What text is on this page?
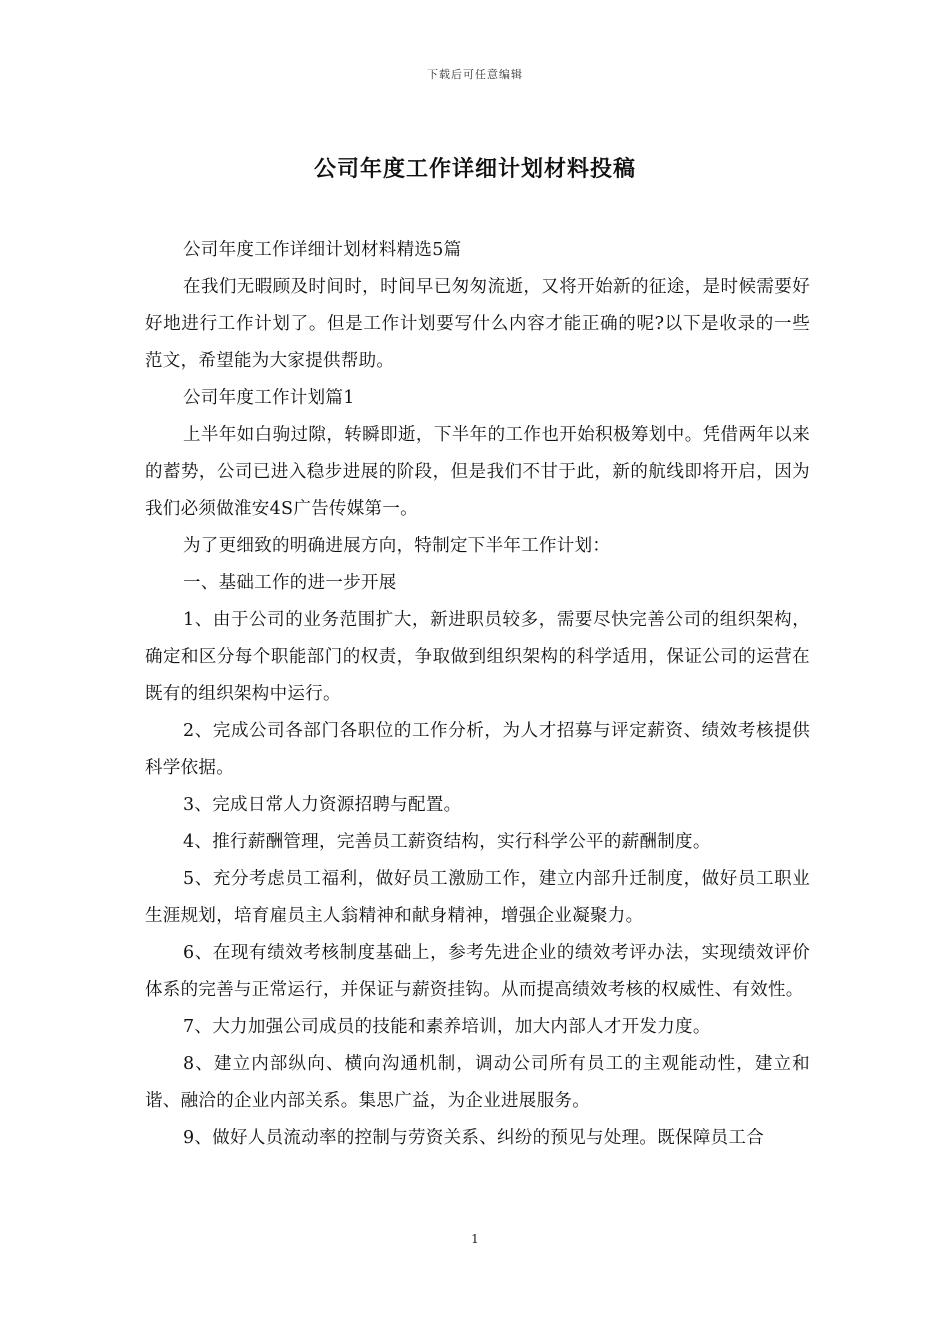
下载后可任意编辑
公司年度工作详细计划材料投稿

公司年度工作详细计划材料精选5篇

在我们无暇顾及时间时，时间早已匆匆流逝，又将开始新的征途，是时候需要好好地进行工作计划了。但是工作计划要写什么内容才能正确的呢?以下是收录的一些范文，希望能为大家提供帮助。

公司年度工作计划篇1

上半年如白驹过隙，转瞬即逝，下半年的工作也开始积极筹划中。凭借两年以来的蓄势，公司已进入稳步进展的阶段，但是我们不甘于此，新的航线即将开启，因为我们必须做淮安4S广告传媒第一。

为了更细致的明确进展方向，特制定下半年工作计划：

一、基础工作的进一步开展

1、由于公司的业务范围扩大，新进职员较多，需要尽快完善公司的组织架构，确定和区分每个职能部门的权责，争取做到组织架构的科学适用，保证公司的运营在既有的组织架构中运行。

2、完成公司各部门各职位的工作分析，为人才招募与评定薪资、绩效考核提供科学依据。

3、完成日常人力资源招聘与配置。

4、推行薪酬管理，完善员工薪资结构，实行科学公平的薪酬制度。

5、充分考虑员工福利，做好员工激励工作，建立内部升迁制度，做好员工职业生涯规划，培育雇员主人翁精神和献身精神，增强企业凝聚力。

6、在现有绩效考核制度基础上，参考先进企业的绩效考评办法，实现绩效评价体系的完善与正常运行，并保证与薪资挂钩。从而提高绩效考核的权威性、有效性。

7、大力加强公司成员的技能和素养培训，加大内部人才开发力度。

8、建立内部纵向、横向沟通机制，调动公司所有员工的主观能动性，建立和谐、融洽的企业内部关系。集思广益，为企业进展服务。

9、做好人员流动率的控制与劳资关系、纠纷的预见与处理。既保障员工合

1
